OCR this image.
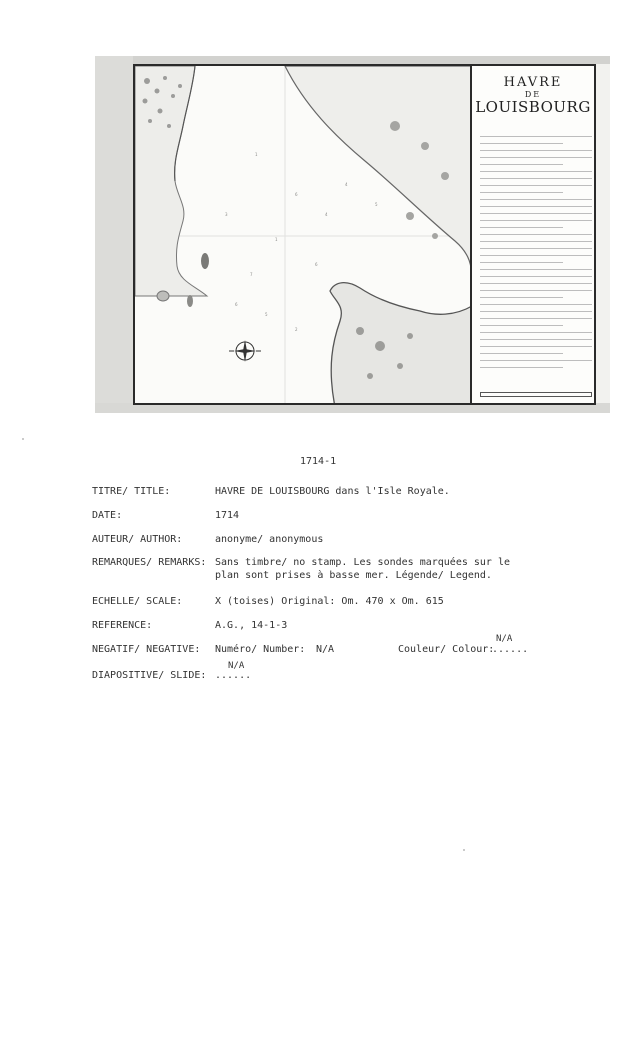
1
6
4
1
6
4
6
5
2
5
3
7
HAVRE
DE
LOUISBOURG
1714-1
TITRE/ TITLE:	HAVRE DE LOUISBOURG dans l'Isle Royale.
DATE:	1714
AUTEUR/ AUTHOR:	anonyme/ anonymous
REMARQUES/ REMARKS: Sans timbre/ no stamp. Les sondes marquées sur le
plan sont prises à basse mer. Légende/ Legend.
ECHELLE/ SCALE:	X (toises) Original: Om. 470 x Om. 615
REFERENCE:	A.G., 14-1-3
NEGATIF/ NEGATIVE: Numéro/ Number: N/A	Couleur/ Colour:
N/A
......
DIAPOSITIVE/ SLIDE:
N/A
......
